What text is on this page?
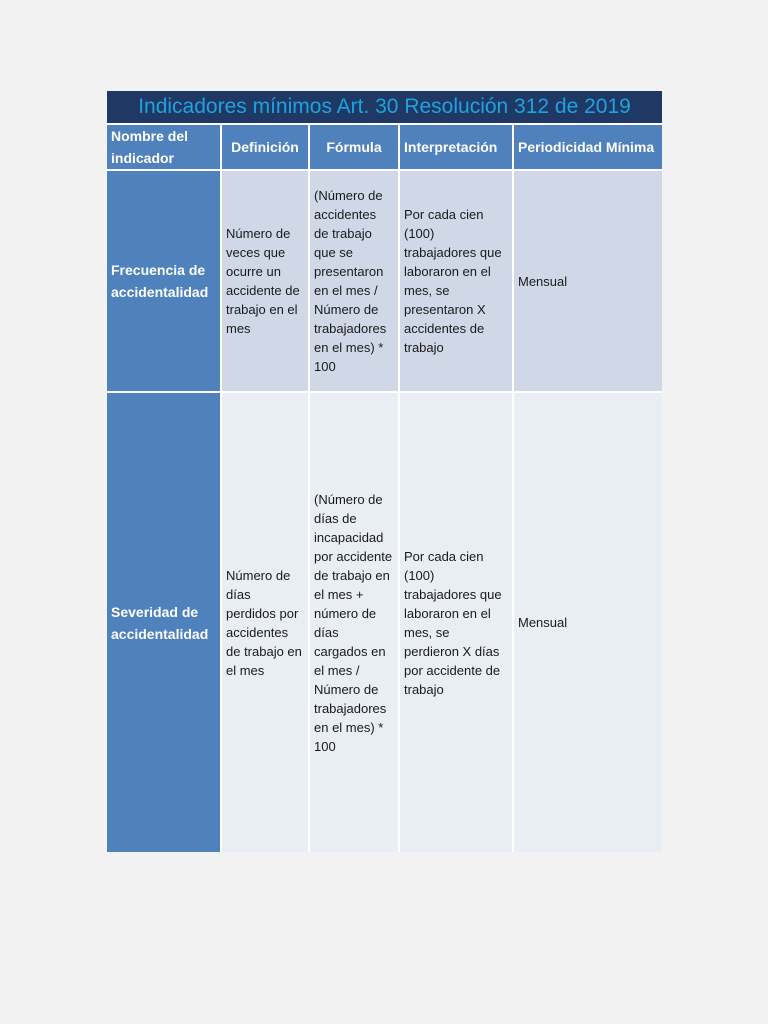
Indicadores mínimos Art. 30 Resolución 312 de 2019				
Nombre del indicador	Definición	Fórmula	Interpretación	Periodicidad Mínima
Frecuencia de accidentalidad	Número de veces que ocurre un accidente de trabajo en el mes	(Número de accidentes de trabajo que se presentaron en el mes / Número de trabajadores en el mes) * 100	Por cada cien (100) trabajadores que laboraron en el mes, se presentaron X accidentes de trabajo	Mensual
Severidad de accidentalidad	Número de días perdidos por accidentes de trabajo en el mes	(Número de días de incapacidad por accidente de trabajo en el mes + número de días cargados en el mes / Número de trabajadores en el mes) * 100	Por cada cien (100) trabajadores que laboraron en el mes, se perdieron X días por accidente de trabajo	Mensual
